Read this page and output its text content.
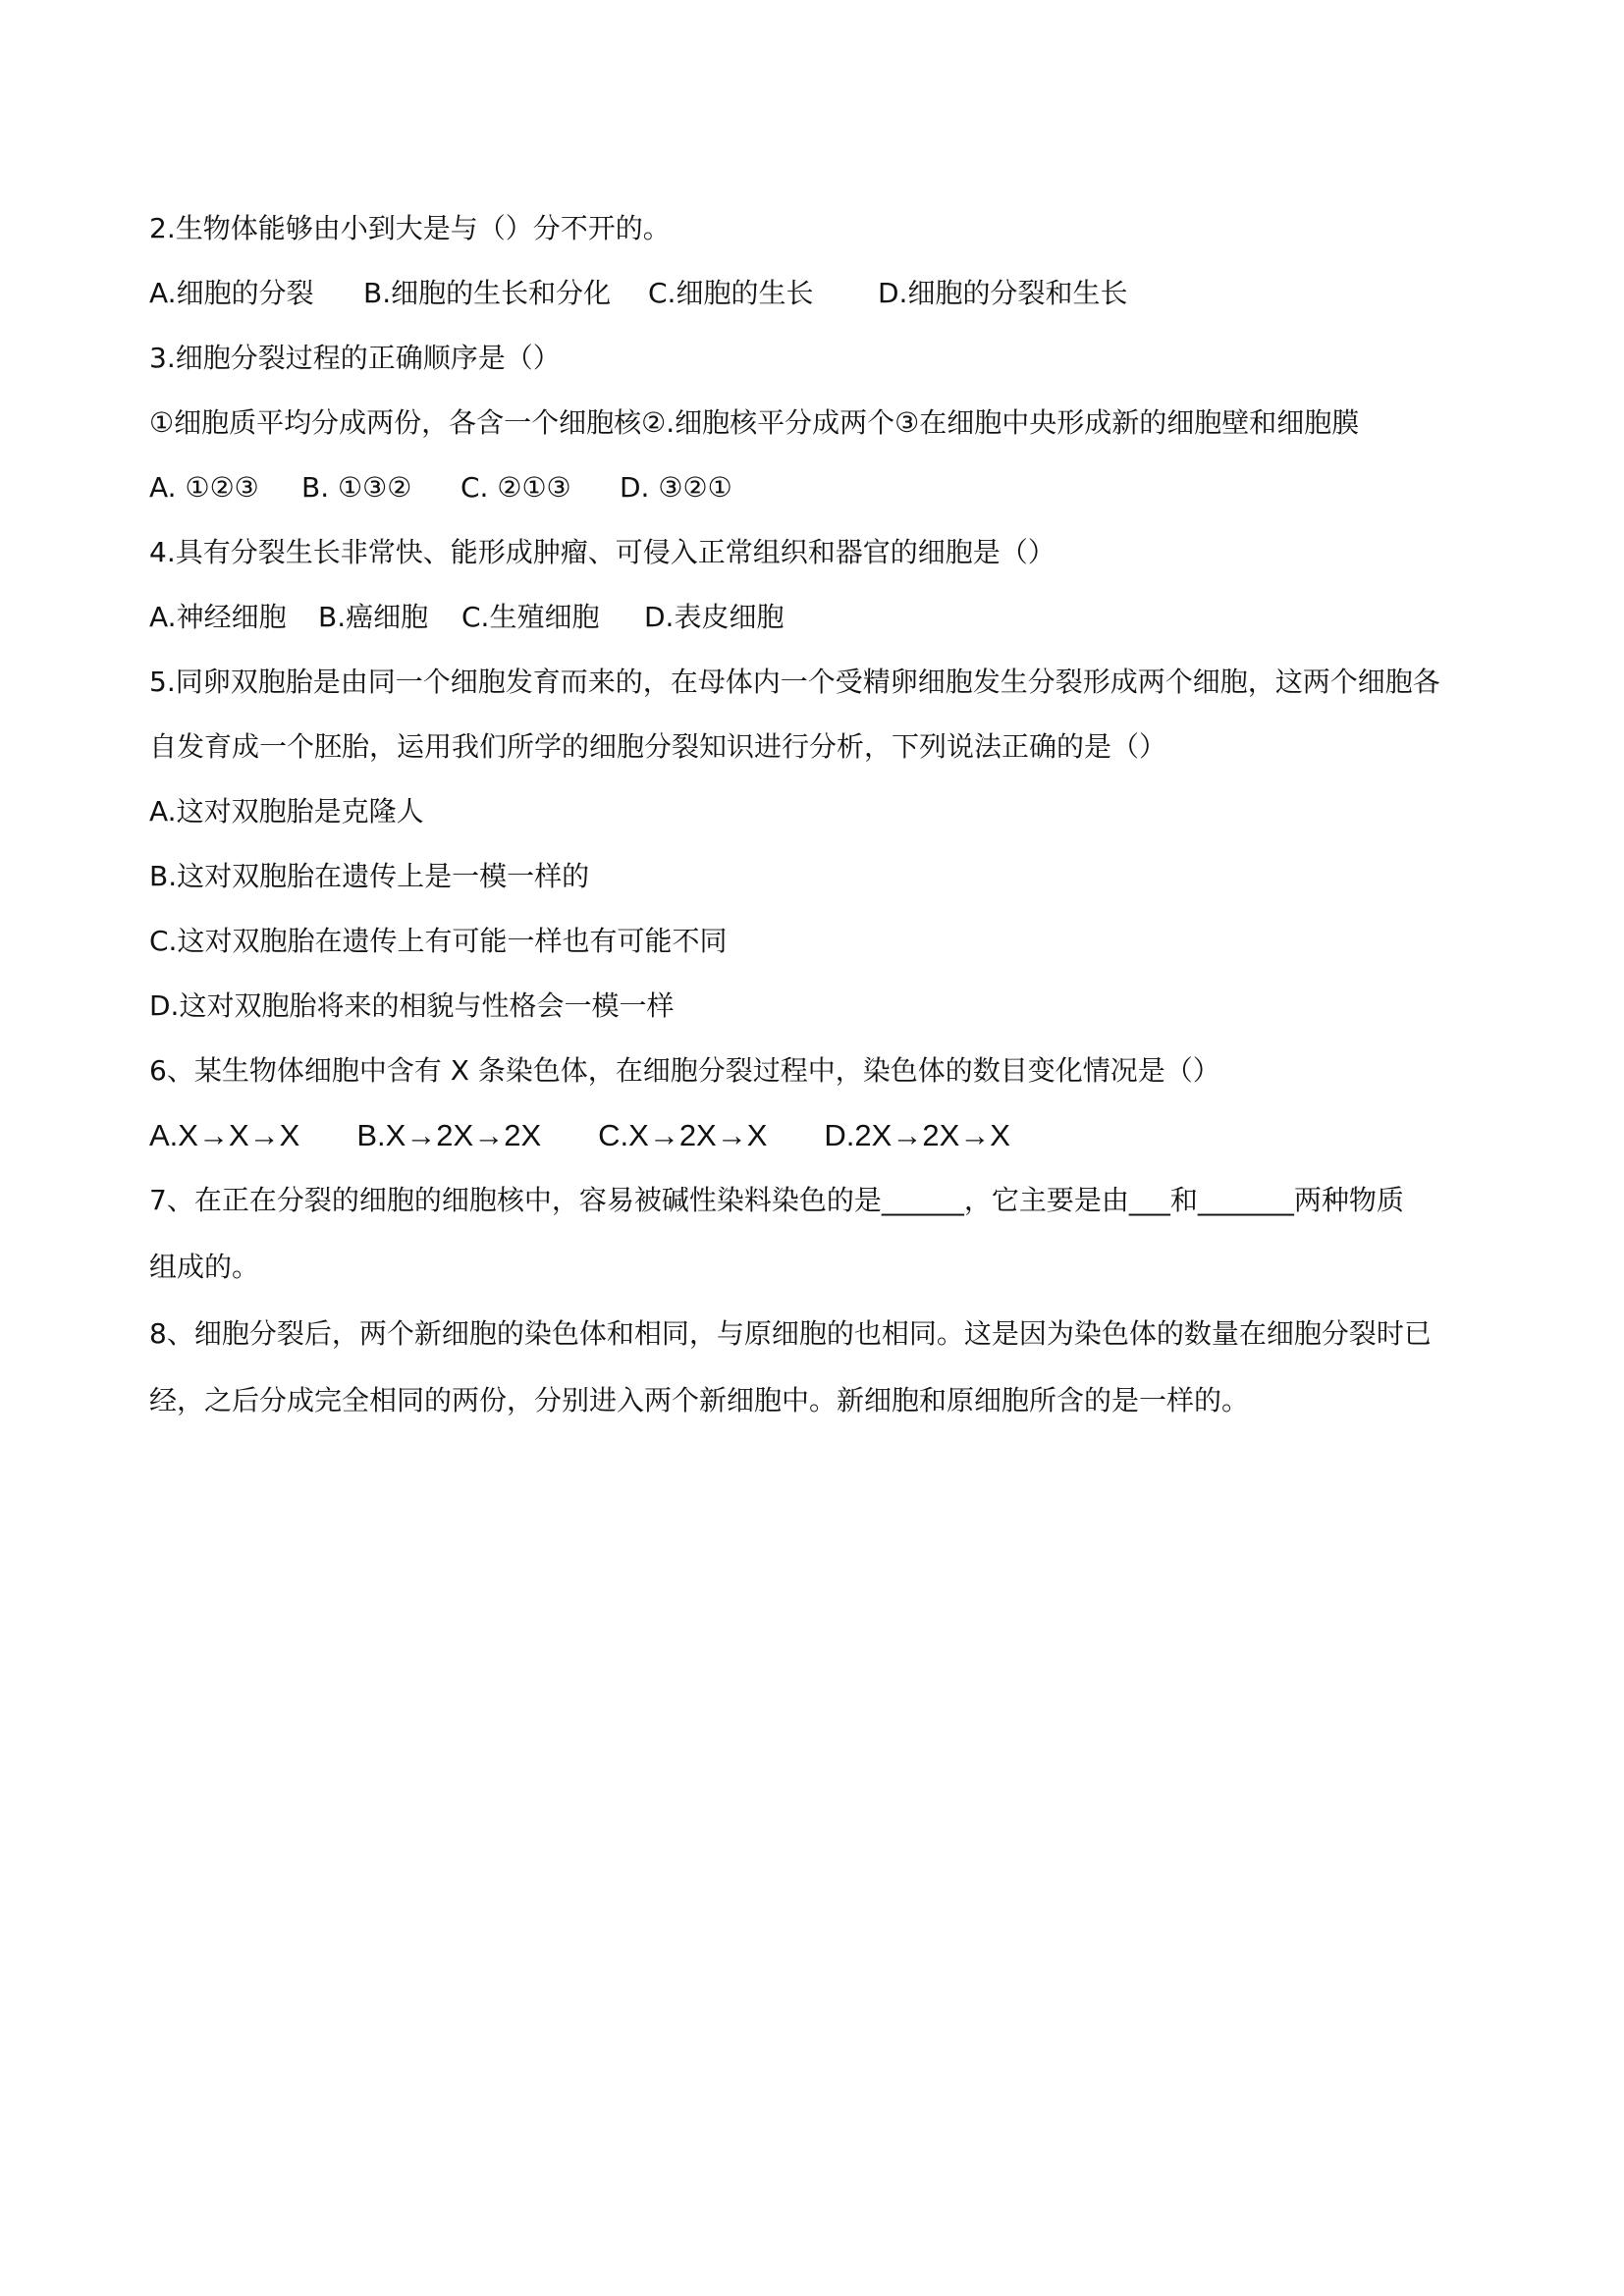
2.生物体能够由小到大是与（）分不开的。
A.细胞的分裂	B.细胞的生长和分化	C.细胞的生长	D.细胞的分裂和生长
3.细胞分裂过程的正确顺序是（）
①细胞质平均分成两份，各含一个细胞核②.细胞核平分成两个③在细胞中央形成新的细胞壁和细胞膜
A. ①②③	B. ①③②	C. ②①③	D. ③②①
4.具有分裂生长非常快、能形成肿瘤、可侵入正常组织和器官的细胞是（）
A.神经细胞	B.癌细胞	C.生殖细胞	D.表皮细胞
5.同卵双胞胎是由同一个细胞发育而来的，在母体内一个受精卵细胞发生分裂形成两个细胞，这两个细胞各
自发育成一个胚胎，运用我们所学的细胞分裂知识进行分析，下列说法正确的是（）
A.这对双胞胎是克隆人
B.这对双胞胎在遗传上是一模一样的
C.这对双胞胎在遗传上有可能一样也有可能不同
D.这对双胞胎将来的相貌与性格会一模一样
6、某生物体细胞中含有 X 条染色体，在细胞分裂过程中，染色体的数目变化情况是（）
A.X→X→X B.X→2X→2X C.X→2X→X D.2X→2X→X
7、在正在分裂的细胞的细胞核中，容易被碱性染料染色的是______，它主要是由___和_______两种物质
组成的。
8、细胞分裂后，两个新细胞的染色体和相同，与原细胞的也相同。这是因为染色体的数量在细胞分裂时已
经，之后分成完全相同的两份，分别进入两个新细胞中。新细胞和原细胞所含的是一样的。
